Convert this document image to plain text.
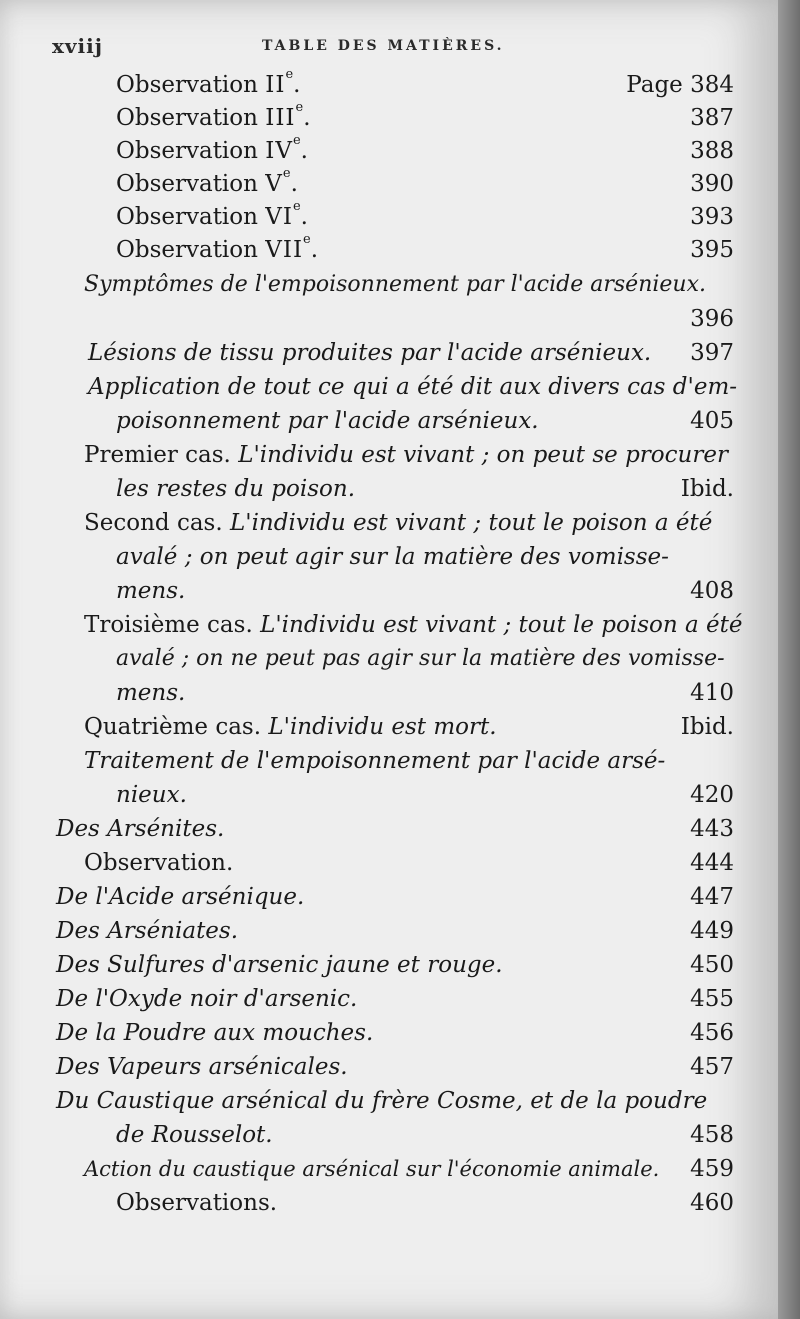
xviij	TABLE DES MATIÈRES.
Observation IIe.	Page 384
Observation IIIe.	387
Observation IVe.	388
Observation Ve.	390
Observation VIe.	393
Observation VIIe.	395
Symptômes de l'empoisonnement par l'acide arsénieux.
396
Lésions de tissu produites par l'acide arsénieux. 397
Application de tout ce qui a été dit aux divers cas d'em-
poisonnement par l'acide arsénieux.	405
Premier cas. L'individu est vivant ; on peut se procurer
les restes du poison.	Ibid.
Second cas. L'individu est vivant ; tout le poison a été
avalé ; on peut agir sur la matière des vomisse-
mens.	408
Troisième cas. L'individu est vivant ; tout le poison a été
avalé ; on ne peut pas agir sur la matière des vomisse-
mens.	410
Quatrième cas. L'individu est mort.	Ibid.
Traitement de l'empoisonnement par l'acide arsé-
nieux.	420
Des Arsénites.	443
Observation.	444
De l'Acide arsénique.	447
Des Arséniates.	449
Des Sulfures d'arsenic jaune et rouge.	450
De l'Oxyde noir d'arsenic.	455
De la Poudre aux mouches.	456
Des Vapeurs arsénicales.	457
Du Caustique arsénical du frère Cosme, et de la poudre
de Rousselot.	458
Action du caustique arsénical sur l'économie animale. 459
Observations.	460
